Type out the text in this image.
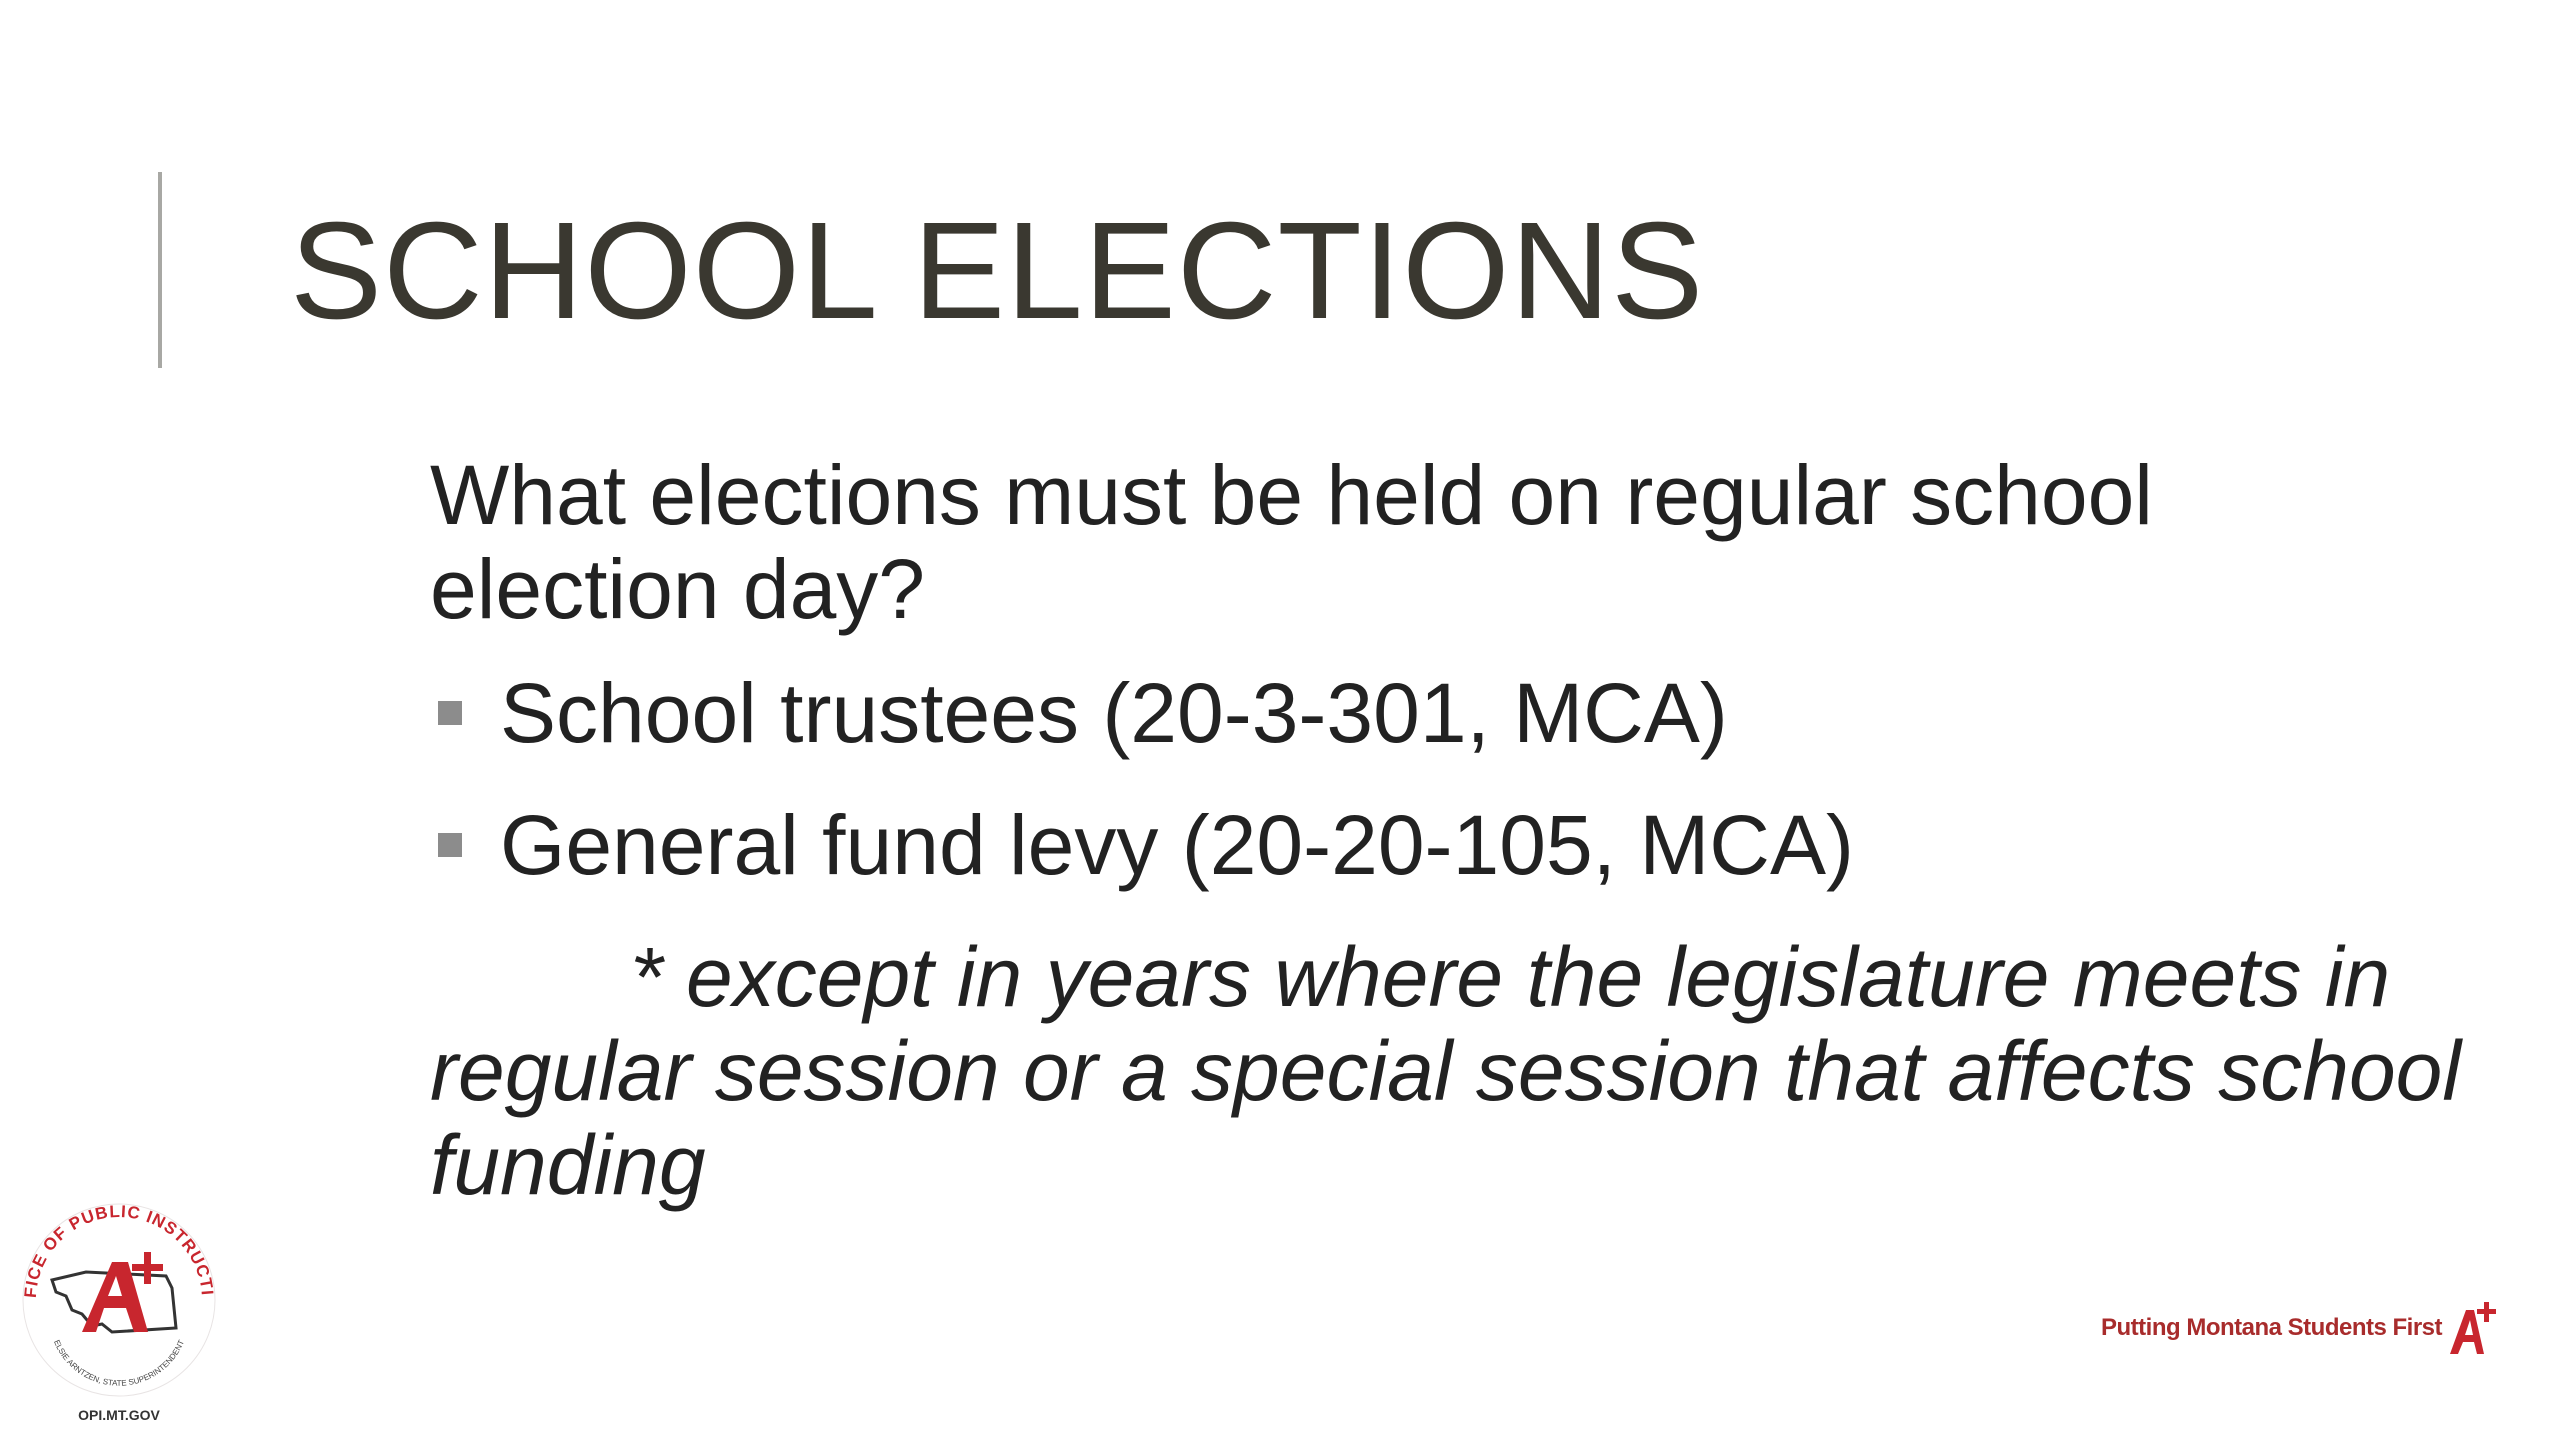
SCHOOL ELECTIONS

What elections must be held on regular school election day?

School trustees (20-3-301, MCA)
General fund levy (20-20-105, MCA)

* except in years where the legislature meets in regular session or a special session that affects school funding

FICE OF PUBLIC INSTRUCTI
ELSIE ARNTZEN, STATE SUPERINTENDENT
OPI.MT.GOV
Putting Montana Students First
